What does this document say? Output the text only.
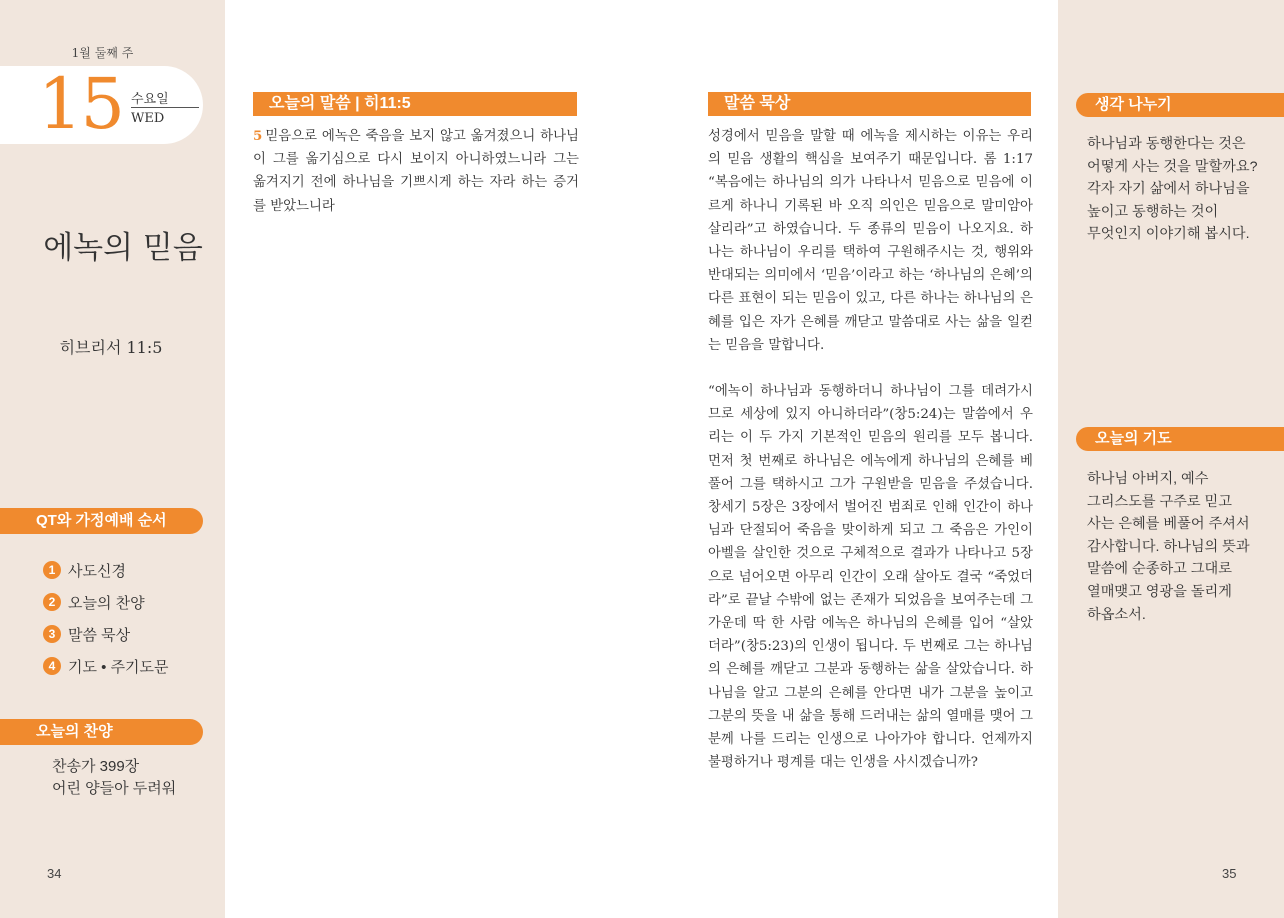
1월 둘째 주
15 수요일
WED
에녹의 믿음
히브리서 11:5
QT와 가정예배 순서
1 사도신경
2 오늘의 찬양
3 말씀 묵상
4 기도 • 주기도문
오늘의 찬양
찬송가 399장
어린 양들아 두려워
34
오늘의 말씀 | 히11:5
5 믿음으로 에녹은 죽음을 보지 않고 옮겨졌으니 하나님이 그를 옮기심으로 다시 보이지 아니하였느니라 그는 옮겨지기 전에 하나님을 기쁘시게 하는 자라 하는 증거를 받았느니라
말씀 묵상

성경에서 믿음을 말할 때 에녹을 제시하는 이유는 우리의 믿음 생활의 핵심을 보여주기 때문입니다. 롬 1:17 “복음에는 하나님의 의가 나타나서 믿음으로 믿음에 이르게 하나니 기록된 바 오직 의인은 믿음으로 말미암아 살리라”고 하였습니다. 두 종류의 믿음이 나오지요. 하나는 하나님이 우리를 택하여 구원해주시는 것, 행위와 반대되는 의미에서 ‘믿음’이라고 하는 ‘하나님의 은혜’의 다른 표현이 되는 믿음이 있고, 다른 하나는 하나님의 은혜를 입은 자가 은혜를 깨닫고 말씀대로 사는 삶을 일컫는 믿음을 말합니다.

“에녹이 하나님과 동행하더니 하나님이 그를 데려가시므로 세상에 있지 아니하더라”(창5:24)는 말씀에서 우리는 이 두 가지 기본적인 믿음의 원리를 모두 봅니다. 먼저 첫 번째로 하나님은 에녹에게 하나님의 은혜를 베풀어 그를 택하시고 그가 구원받을 믿음을 주셨습니다. 창세기 5장은 3장에서 벌어진 범죄로 인해 인간이 하나님과 단절되어 죽음을 맞이하게 되고 그 죽음은 가인이 아벨을 살인한 것으로 구체적으로 결과가 나타나고 5장으로 넘어오면 아무리 인간이 오래 살아도 결국 “죽었더라”로 끝날 수밖에 없는 존재가 되었음을 보여주는데 그 가운데 딱 한 사람 에녹은 하나님의 은혜를 입어 “살았더라”(창5:23)의 인생이 됩니다. 두 번째로 그는 하나님의 은혜를 깨닫고 그분과 동행하는 삶을 살았습니다. 하나님을 알고 그분의 은혜를 안다면 내가 그분을 높이고 그분의 뜻을 내 삶을 통해 드러내는 삶의 열매를 맺어 그분께 나를 드리는 인생으로 나아가야 합니다. 언제까지 불평하거나 평계를 대는 인생을 사시겠습니까?

생각 나누기
하나님과 동행한다는 것은
어떻게 사는 것을 말할까요?
각자 자기 삶에서 하나님을
높이고 동행하는 것이
무엇인지 이야기해 봅시다.
오늘의 기도
하나님 아버지, 예수
그리스도를 구주로 믿고
사는 은혜를 베풀어 주셔서
감사합니다. 하나님의 뜻과
말씀에 순종하고 그대로
열매맺고 영광을 돌리게
하옵소서.
35
